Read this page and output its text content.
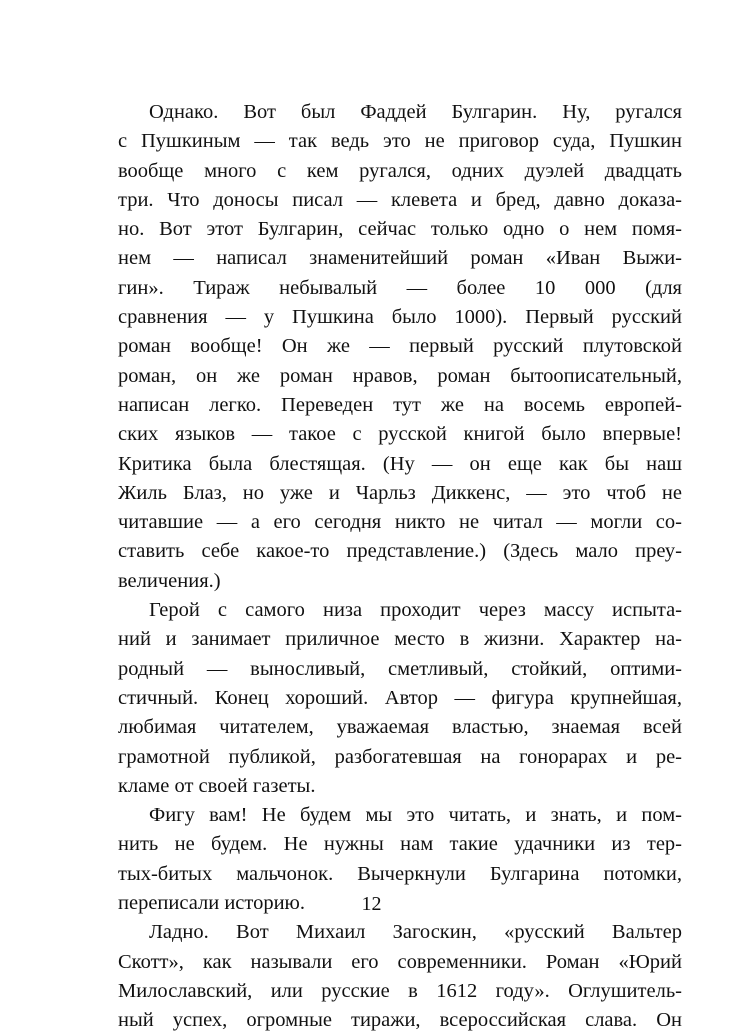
Однако. Вот был Фаддей Булгарин. Ну, ругался
с Пушкиным — так ведь это не приговор суда, Пушкин
вообще много с кем ругался, одних дуэлей двадцать
три. Что доносы писал — клевета и бред, давно доказа-
но. Вот этот Булгарин, сейчас только одно о нем помя-
нем — написал знаменитейший роман «Иван Выжи-
гин». Тираж небывалый — более 10 000 (для
сравнения — у Пушкина было 1000). Первый русский
роман вообще! Он же — первый русский плутовской
роман, он же роман нравов, роман бытоописательный,
написан легко. Переведен тут же на восемь европей-
ских языков — такое с русской книгой было впервые!
Критика была блестящая. (Ну — он еще как бы наш
Жиль Блаз, но уже и Чарльз Диккенс, — это чтоб не
читавшие — а его сегодня никто не читал — могли со-
ставить себе какое-то представление.) (Здесь мало преу-
величения.)

Герой с самого низа проходит через массу испыта-
ний и занимает приличное место в жизни. Характер на-
родный — выносливый, сметливый, стойкий, оптими-
стичный. Конец хороший. Автор — фигура крупнейшая,
любимая читателем, уважаемая властью, знаемая всей
грамотной публикой, разбогатевшая на гонорарах и ре-
кламе от своей газеты.

Фигу вам! Не будем мы это читать, и знать, и пом-
нить не будем. Не нужны нам такие удачники из тер-
тых-битых мальчонок. Вычеркнули Булгарина потомки,
переписали историю.

Ладно. Вот Михаил Загоскин, «русский Вальтер
Скотт», как называли его современники. Роман «Юрий
Милославский, или русские в 1612 году». Оглушитель-
ный успех, огромные тиражи, всероссийская слава. Он

12
